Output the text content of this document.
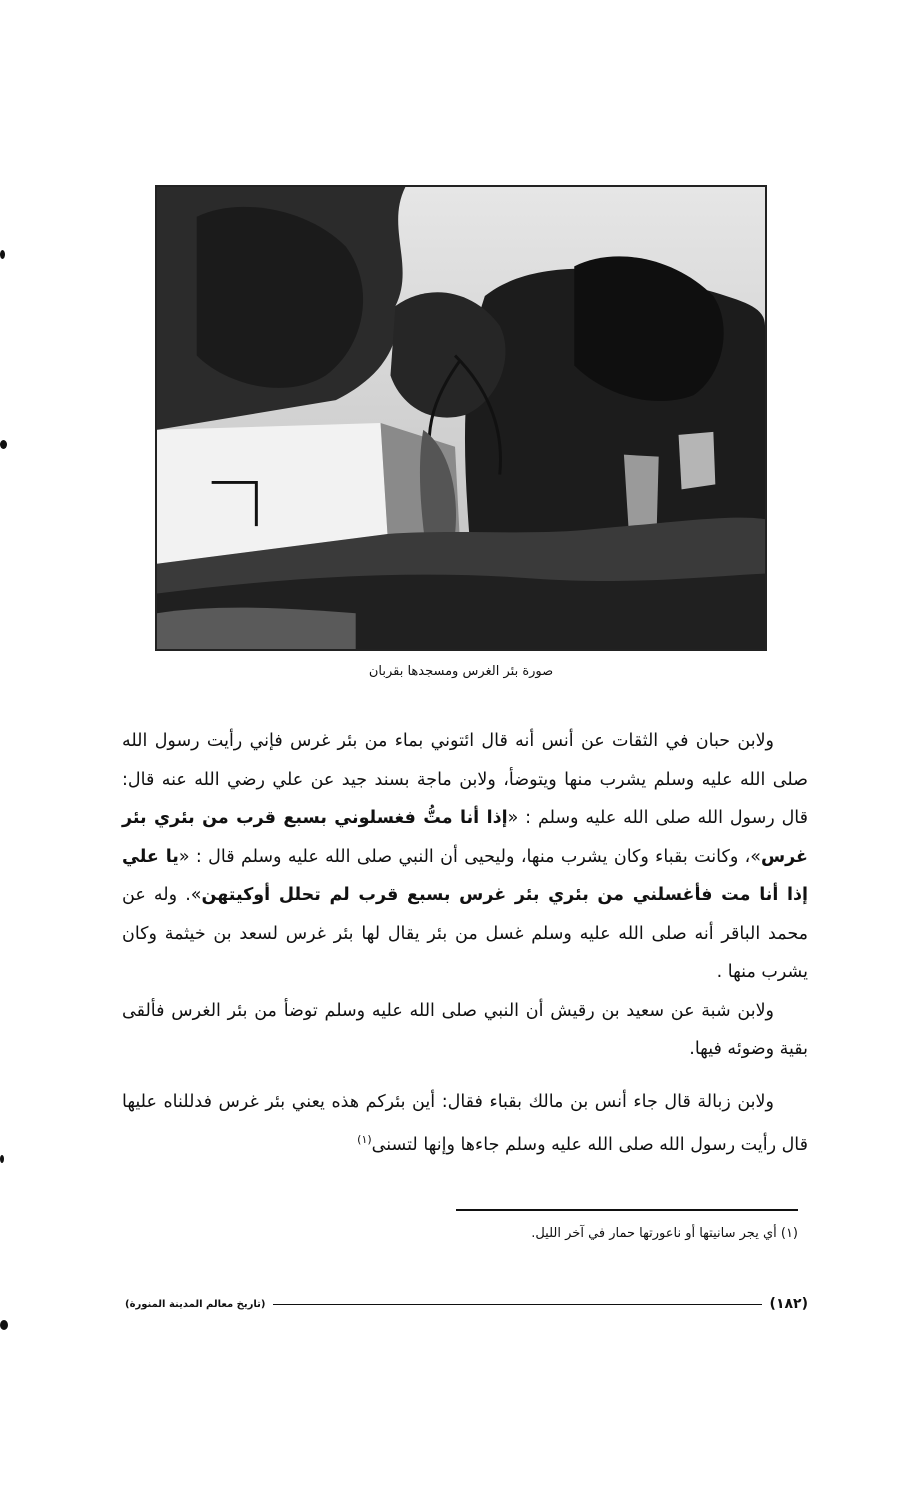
صورة بئر الغرس ومسجدها بقربان

ولابن حبان في الثقات عن أنس أنه قال ائتوني بماء من بئر غرس فإني رأيت رسول الله صلى الله عليه وسلم يشرب منها ويتوضأ، ولابن ماجة بسند جيد عن علي رضي الله عنه قال: قال رسول الله صلى الله عليه وسلم : «إذا أنا متُّ فغسلوني بسبع قرب من بئري بئر غرس»، وكانت بقباء وكان يشرب منها، وليحيى أن النبي صلى الله عليه وسلم قال : «يا علي إذا أنا مت فأغسلني من بئري بئر غرس بسبع قرب لم تحلل أوكيتهن». وله عن محمد الباقر أنه صلى الله عليه وسلم غسل من بئر يقال لها بئر غرس لسعد بن خيثمة وكان يشرب منها .

ولابن شبة عن سعيد بن رقيش أن النبي صلى الله عليه وسلم توضأ من بئر الغرس فألقى بقية وضوئه فيها.

ولابن زبالة قال جاء أنس بن مالك بقباء فقال: أين بئركم هذه يعني بئر غرس فدللناه عليها قال رأيت رسول الله صلى الله عليه وسلم جاءها وإنها لتسنى$^{(١)}$

(١) أي يجر سانيتها أو ناعورتها حمار في آخر الليل.
(١٨٢)
(تاريخ معالم المدينة المنورة)
